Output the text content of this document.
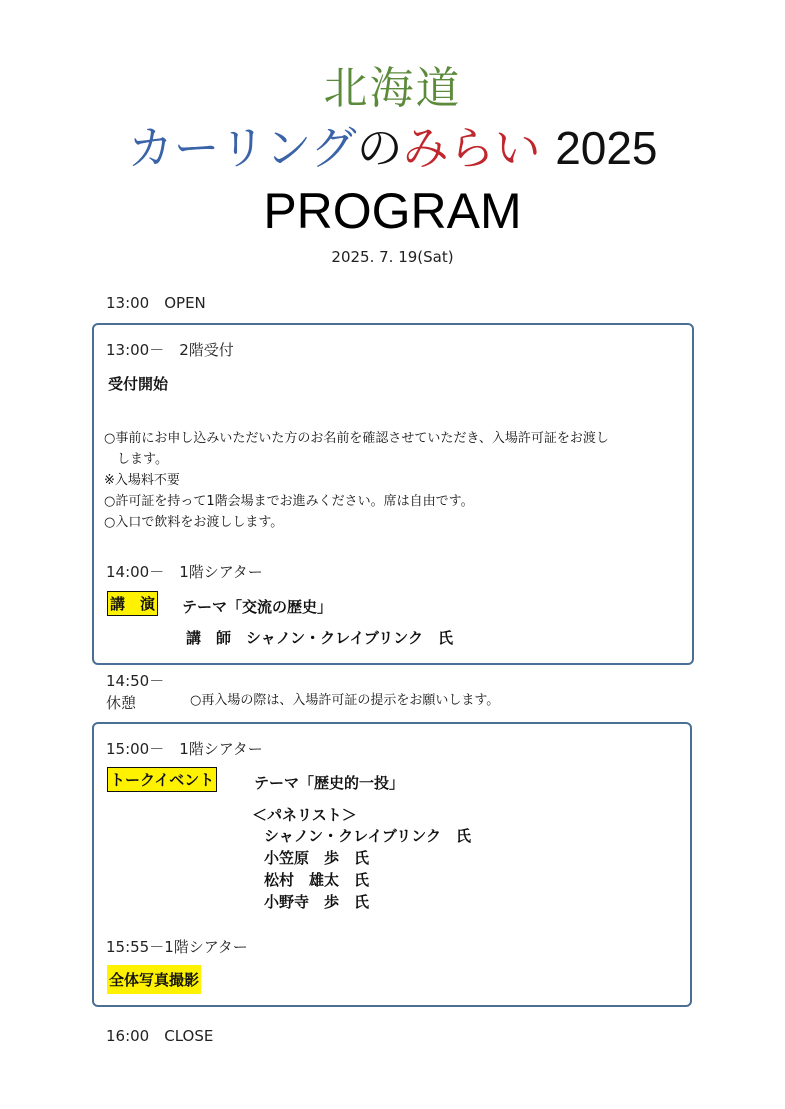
北海道
カーリングのみらい 2025
PROGRAM
2025. 7. 19(Sat)
13:00　OPEN
13:00－　2階受付
受付開始
○事前にお申し込みいただいた方のお名前を確認させていただき、入場許可証をお渡し
　します。
※入場料不要
○許可証を持って1階会場までお進みください。席は自由です。
○入口で飲料をお渡しします。
14:00－　1階シアター
講　演 テーマ「交流の歴史」
講　師　シャノン・クレイブリンク　氏
14:50－
休憩	○再入場の際は、入場許可証の提示をお願いします。
15:00－　1階シアター
トークイベント	テーマ「歴史的一投」
＜パネリスト＞
シャノン・クレイブリンク　氏
小笠原　歩　氏
松村　雄太　氏
小野寺　歩　氏
15:55－1階シアター
全体写真撮影
16:00　CLOSE
